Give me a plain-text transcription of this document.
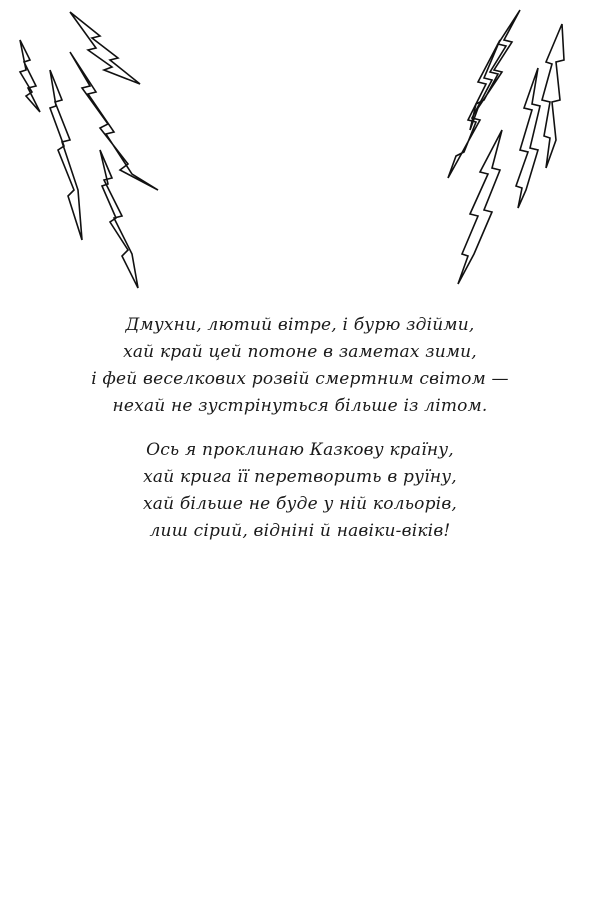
Дмухни, лютий вітре, і бурю здійми,
хай край цей потоне в заметах зими,
і фей веселкових розвій смертним світом —
нехай не зустрінуться більше із літом.
Ось я проклинаю Казкову країну,
хай крига її перетворить в руїну,
хай більше не буде у ній кольорів,
лиш сірий, відніні й навіки-віків!
